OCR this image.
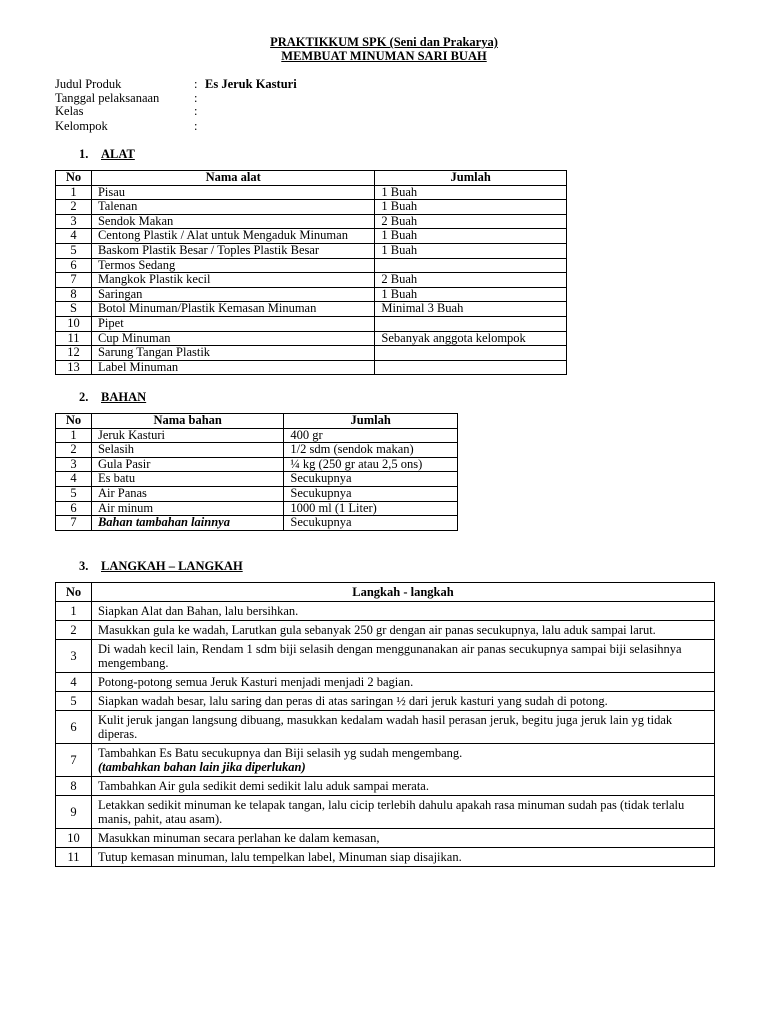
PRAKTIKKUM SPK (Seni dan Prakarya)
MEMBUAT MINUMAN SARI BUAH
Judul Produk	: Es Jeruk Kasturi
Tanggal pelaksanaan	:
Kelas	:
Kelompok	:
1. ALAT
No	Nama alat	Jumlah
1	Pisau	1 Buah
2	Talenan	1 Buah
3	Sendok Makan	2 Buah
4	Centong Plastik / Alat untuk Mengaduk Minuman	1 Buah
5	Baskom Plastik Besar / Toples Plastik Besar	1 Buah
6	Termos Sedang	
7	Mangkok Plastik kecil	2 Buah
8	Saringan	1 Buah
S	Botol Minuman/Plastik Kemasan Minuman	Minimal 3 Buah
10	Pipet	
11	Cup Minuman	Sebanyak anggota kelompok
12	Sarung Tangan Plastik	
13	Label Minuman	
2. BAHAN
No	Nama bahan	Jumlah
1	Jeruk Kasturi	400 gr
2	Selasih	1/2 sdm (sendok makan)
3	Gula Pasir	¼ kg (250 gr atau 2,5 ons)
4	Es batu	Secukupnya
5	Air Panas	Secukupnya
6	Air minum	1000 ml (1 Liter)
7	Bahan tambahan lainnya	Secukupnya
3. LANGKAH – LANGKAH
No	Langkah - langkah
1	Siapkan Alat dan Bahan, lalu bersihkan.
2	Masukkan gula ke wadah, Larutkan gula sebanyak 250 gr dengan air panas secukupnya, lalu aduk sampai larut.
3	Di wadah kecil lain, Rendam 1 sdm biji selasih dengan menggunanakan air panas secukupnya sampai biji selasihnya mengembang.
4	Potong-potong semua Jeruk Kasturi menjadi menjadi 2 bagian.
5	Siapkan wadah besar, lalu saring dan peras di atas saringan ½ dari jeruk kasturi yang sudah di potong.
6	Kulit jeruk jangan langsung dibuang, masukkan kedalam wadah hasil perasan jeruk, begitu juga jeruk lain yg tidak diperas.
7	Tambahkan Es Batu secukupnya dan Biji selasih yg sudah mengembang.
(tambahkan bahan lain jika diperlukan)

8	Tambahkan Air gula sedikit demi sedikit lalu aduk sampai merata.
9	Letakkan sedikit minuman ke telapak tangan, lalu cicip terlebih dahulu apakah rasa minuman sudah pas (tidak terlalu manis, pahit, atau asam).
10	Masukkan minuman secara perlahan ke dalam kemasan,
11	Tutup kemasan minuman, lalu tempelkan label, Minuman siap disajikan.
